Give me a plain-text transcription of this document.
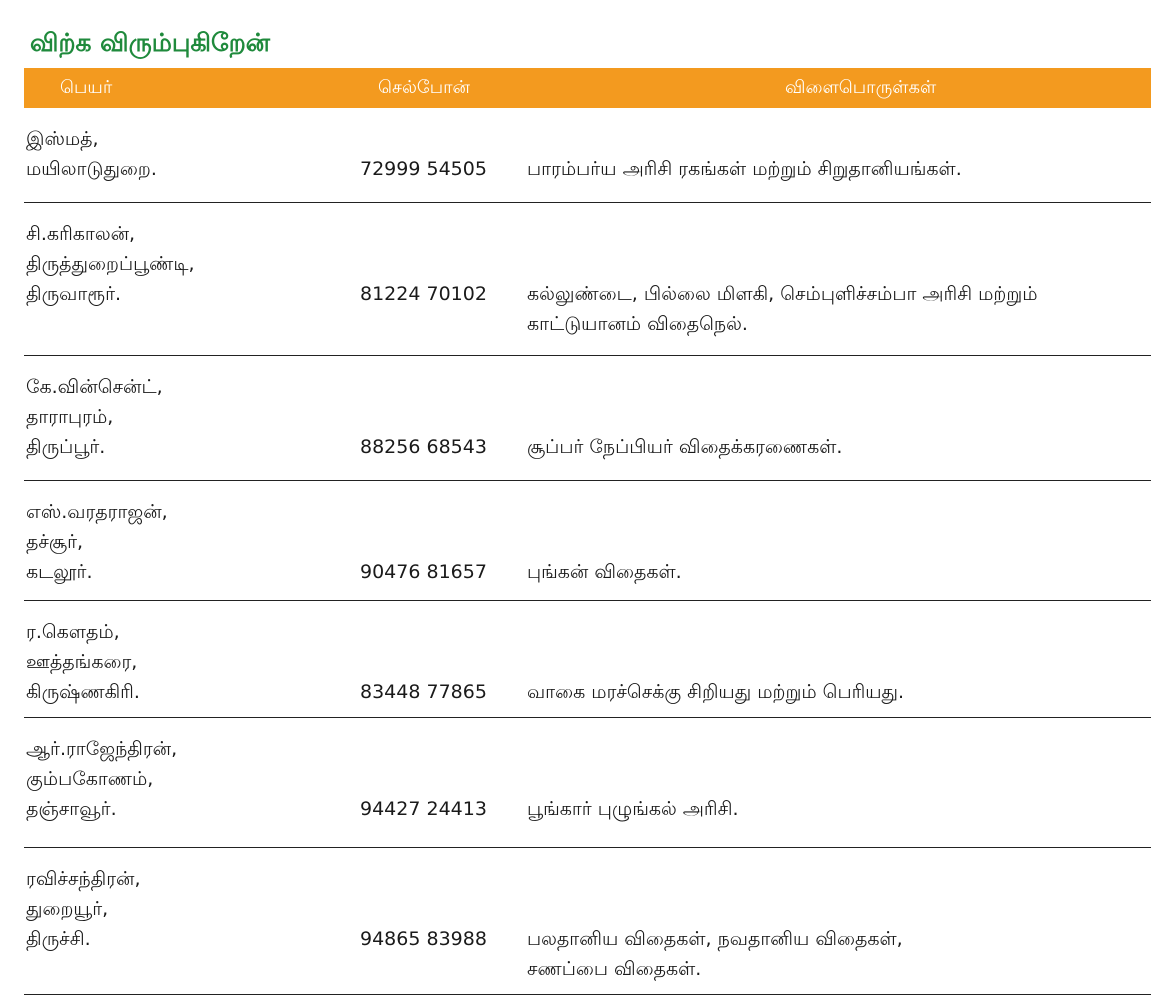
விற்க விரும்புகிறேன்
பெயர்	செல்போன்	விளைபொருள்கள்
இஸ்மத்,
மயிலாடுதுறை.	72999 54505 பாரம்பர்ய அரிசி ரகங்கள் மற்றும் சிறுதானியங்கள்.
சி.கரிகாலன்,
திருத்துறைப்பூண்டி,
திருவாரூர்.	81224 70102 கல்லுண்டை, பில்லை மிளகி, செம்புளிச்சம்பா அரிசி மற்றும்
காட்டுயானம் விதைநெல்.
கே.வின்சென்ட்,
தாராபுரம்,
திருப்பூர்.	88256 68543 சூப்பர் நேப்பியர் விதைக்கரணைகள்.
எஸ்.வரதராஜன்,
தச்சூர்,
கடலூர்.	90476 81657 புங்கன் விதைகள்.
ர.கௌதம்,
ஊத்தங்கரை,
கிருஷ்ணகிரி.	83448 77865 வாகை மரச்செக்கு சிறியது மற்றும் பெரியது.
ஆர்.ராஜேந்திரன்,
கும்பகோணம்,
தஞ்சாவூர்.	94427 24413 பூங்கார் புழுங்கல் அரிசி.
ரவிச்சந்திரன்,
துறையூர்,
திருச்சி.	94865 83988 பலதானிய விதைகள், நவதானிய விதைகள்,
சணப்பை விதைகள்.
